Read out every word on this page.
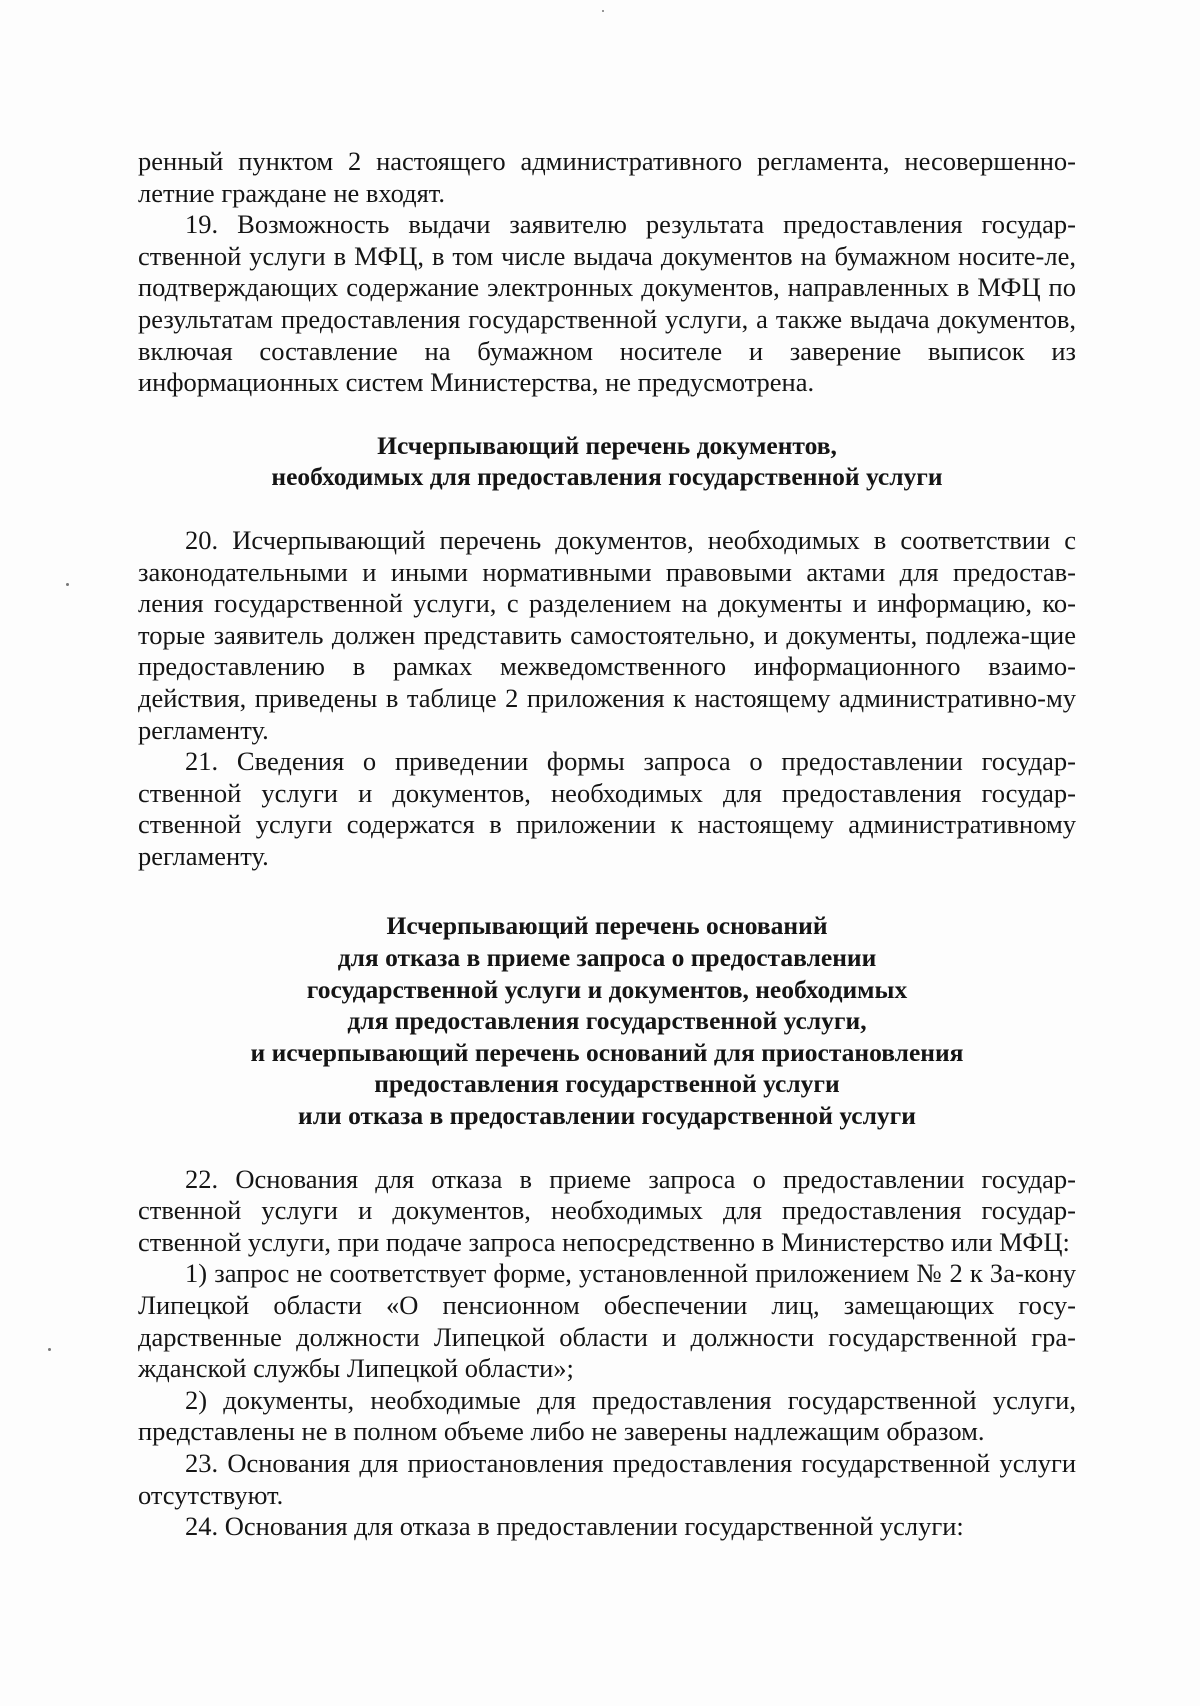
ренный пунктом 2 настоящего административного регламента, несовершенно-летние граждане не входят.

19. Возможность выдачи заявителю результата предоставления государ-ственной услуги в МФЦ, в том числе выдача документов на бумажном носите-ле, подтверждающих содержание электронных документов, направленных в МФЦ по результатам предоставления государственной услуги, а также выдача документов, включая составление на бумажном носителе и заверение выписок из информационных систем Министерства, не предусмотрена.

Исчерпывающий перечень документов,

необходимых для предоставления государственной услуги

20. Исчерпывающий перечень документов, необходимых в соответствии с законодательными и иными нормативными правовыми актами для предостав-ления государственной услуги, с разделением на документы и информацию, ко-торые заявитель должен представить самостоятельно, и документы, подлежа-щие предоставлению в рамках межведомственного информационного взаимо-действия, приведены в таблице 2 приложения к настоящему административно-му регламенту.

21. Сведения о приведении формы запроса о предоставлении государ-ственной услуги и документов, необходимых для предоставления государ-ственной услуги содержатся в приложении к настоящему административному регламенту.

Исчерпывающий перечень оснований

для отказа в приеме запроса о предоставлении

государственной услуги и документов, необходимых

для предоставления государственной услуги,

и исчерпывающий перечень оснований для приостановления

предоставления государственной услуги

или отказа в предоставлении государственной услуги

22. Основания для отказа в приеме запроса о предоставлении государ-ственной услуги и документов, необходимых для предоставления государ-ственной услуги, при подаче запроса непосредственно в Министерство или МФЦ:

1) запрос не соответствует форме, установленной приложением № 2 к За-кону Липецкой области «О пенсионном обеспечении лиц, замещающих госу-дарственные должности Липецкой области и должности государственной гра-жданской службы Липецкой области»;

2) документы, необходимые для предоставления государственной услуги, представлены не в полном объеме либо не заверены надлежащим образом.

23. Основания для приостановления предоставления государственной услуги отсутствуют.

24. Основания для отказа в предоставлении государственной услуги:
